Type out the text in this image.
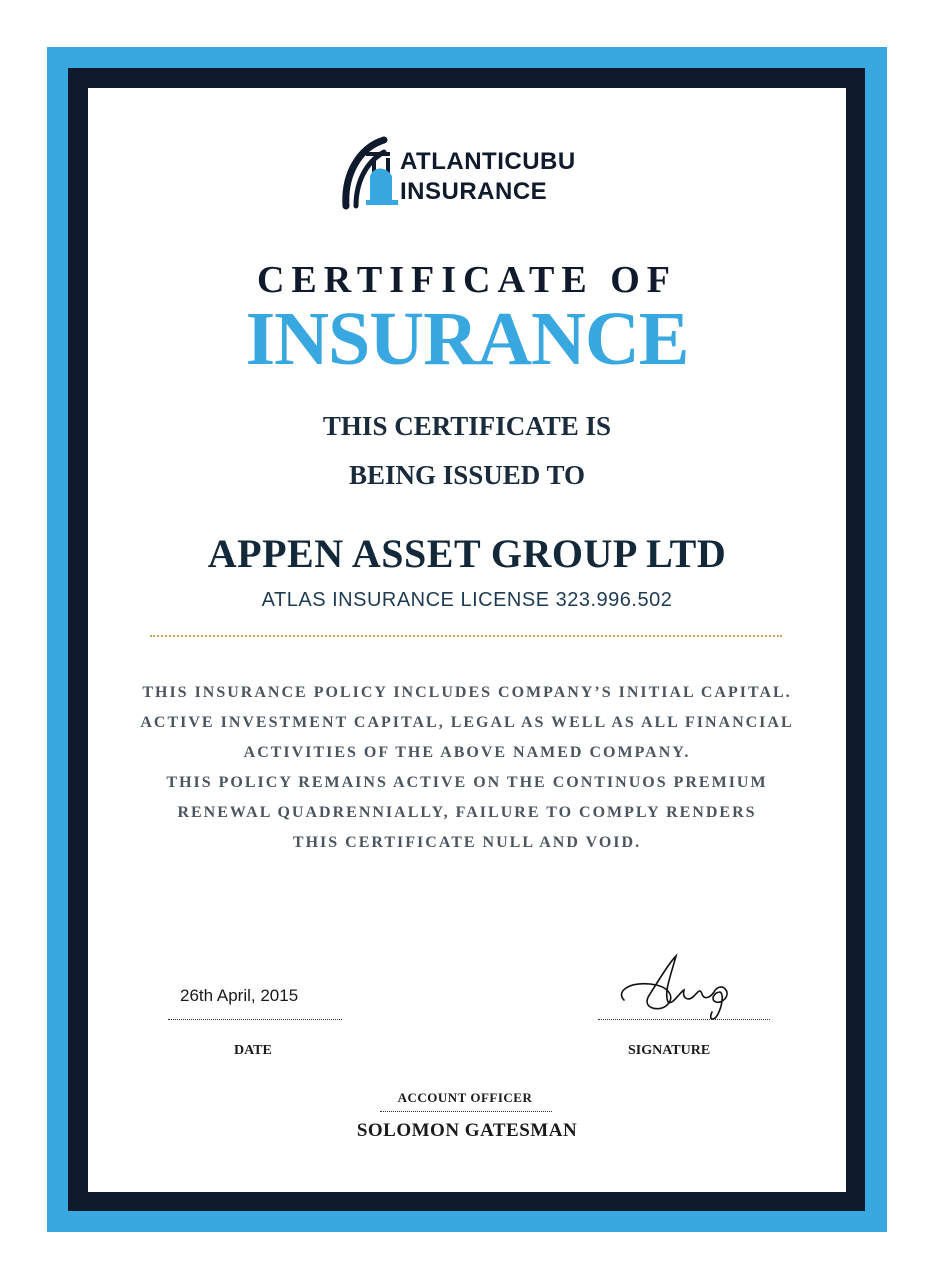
ATLANTICUBU
INSURANCE
CERTIFICATE OF
INSURANCE
THIS CERTIFICATE IS
BEING ISSUED TO
APPEN ASSET GROUP LTD
ATLAS INSURANCE LICENSE 323.996.502
THIS INSURANCE POLICY INCLUDES COMPANY’S INITIAL CAPITAL.
ACTIVE INVESTMENT CAPITAL, LEGAL AS WELL AS ALL FINANCIAL
ACTIVITIES OF THE ABOVE NAMED COMPANY.
THIS POLICY REMAINS ACTIVE ON THE CONTINUOS PREMIUM
RENEWAL QUADRENNIALLY, FAILURE TO COMPLY RENDERS
THIS CERTIFICATE NULL AND VOID.
26th April, 2015
DATE	SIGNATURE
ACCOUNT OFFICER
SOLOMON GATESMAN
